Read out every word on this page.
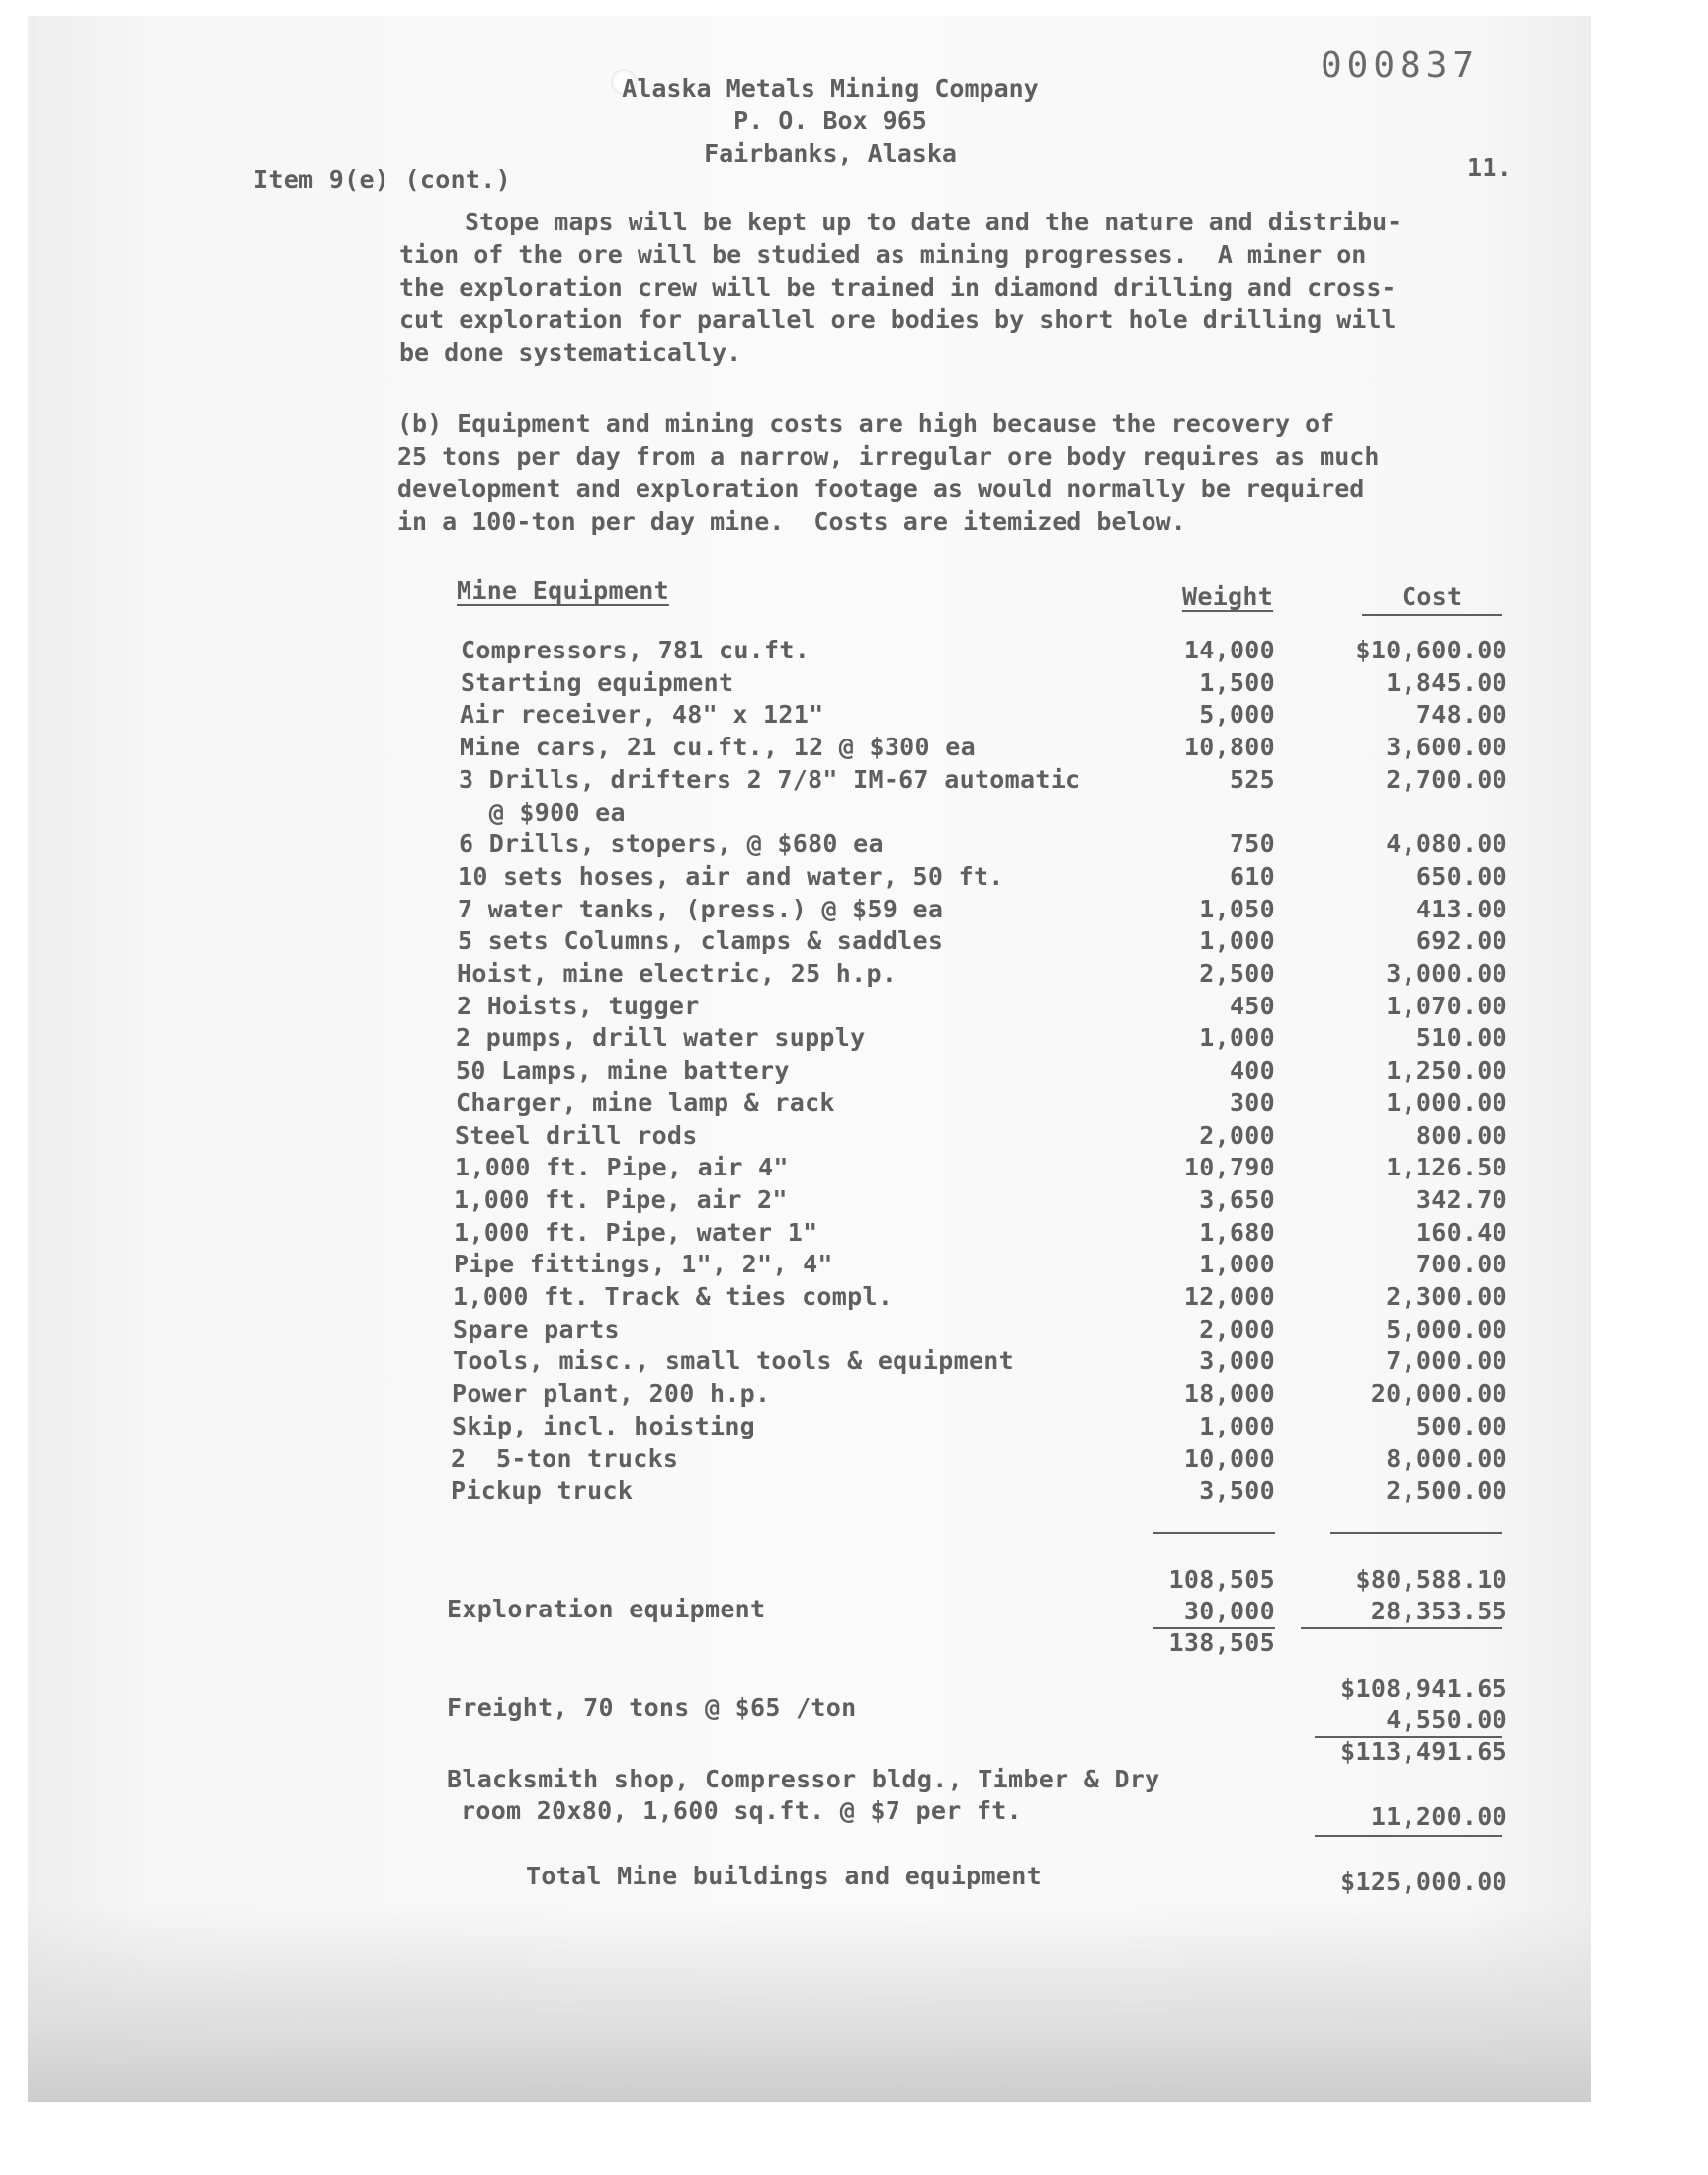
000837
Alaska Metals Mining Company
P. O. Box 965
Fairbanks, Alaska	11.
Item 9(e) (cont.)
Stope maps will be kept up to date and the nature and distribu-
tion of the ore will be studied as mining progresses.  A miner on
the exploration crew will be trained in diamond drilling and cross-
cut exploration for parallel ore bodies by short hole drilling will
be done systematically.
(b) Equipment and mining costs are high because the recovery of
25 tons per day from a narrow, irregular ore body requires as much
development and exploration footage as would normally be required
in a 100-ton per day mine.  Costs are itemized below.
Mine Equipment	Weight	Cost
Compressors, 781 cu.ft.	14,000	$10,600.00
Starting equipment	1,500	1,845.00
Air receiver, 48" x 121"	5,000	748.00
Mine cars, 21 cu.ft., 12 @ $300 ea	10,800	3,600.00
3 Drills, drifters 2 7/8" IM-67 automatic	525	2,700.00
@ $900 ea
6 Drills, stopers, @ $680 ea	750	4,080.00
10 sets hoses, air and water, 50 ft.	610	650.00
7 water tanks, (press.) @ $59 ea	1,050	413.00
5 sets Columns, clamps & saddles	1,000	692.00
Hoist, mine electric, 25 h.p.	2,500	3,000.00
2 Hoists, tugger	450	1,070.00
2 pumps, drill water supply	1,000	510.00
50 Lamps, mine battery	400	1,250.00
Charger, mine lamp & rack	300	1,000.00
Steel drill rods	2,000	800.00
1,000 ft. Pipe, air 4"	10,790	1,126.50
1,000 ft. Pipe, air 2"	3,650	342.70
1,000 ft. Pipe, water 1"	1,680	160.40
Pipe fittings, 1", 2", 4"	1,000	700.00
1,000 ft. Track & ties compl.	12,000	2,300.00
Spare parts	2,000	5,000.00
Tools, misc., small tools & equipment	3,000	7,000.00
Power plant, 200 h.p.	18,000	20,000.00
Skip, incl. hoisting	1,000	500.00
2  5-ton trucks	10,000	8,000.00
Pickup truck	3,500	2,500.00
108,505	$80,588.10
Exploration equipment	30,000	28,353.55
138,505
$108,941.65
Freight, 70 tons @ $65 /ton	4,550.00
$113,491.65
Blacksmith shop, Compressor bldg., Timber & Dry
room 20x80, 1,600 sq.ft. @ $7 per ft.	11,200.00
Total Mine buildings and equipment	$125,000.00
